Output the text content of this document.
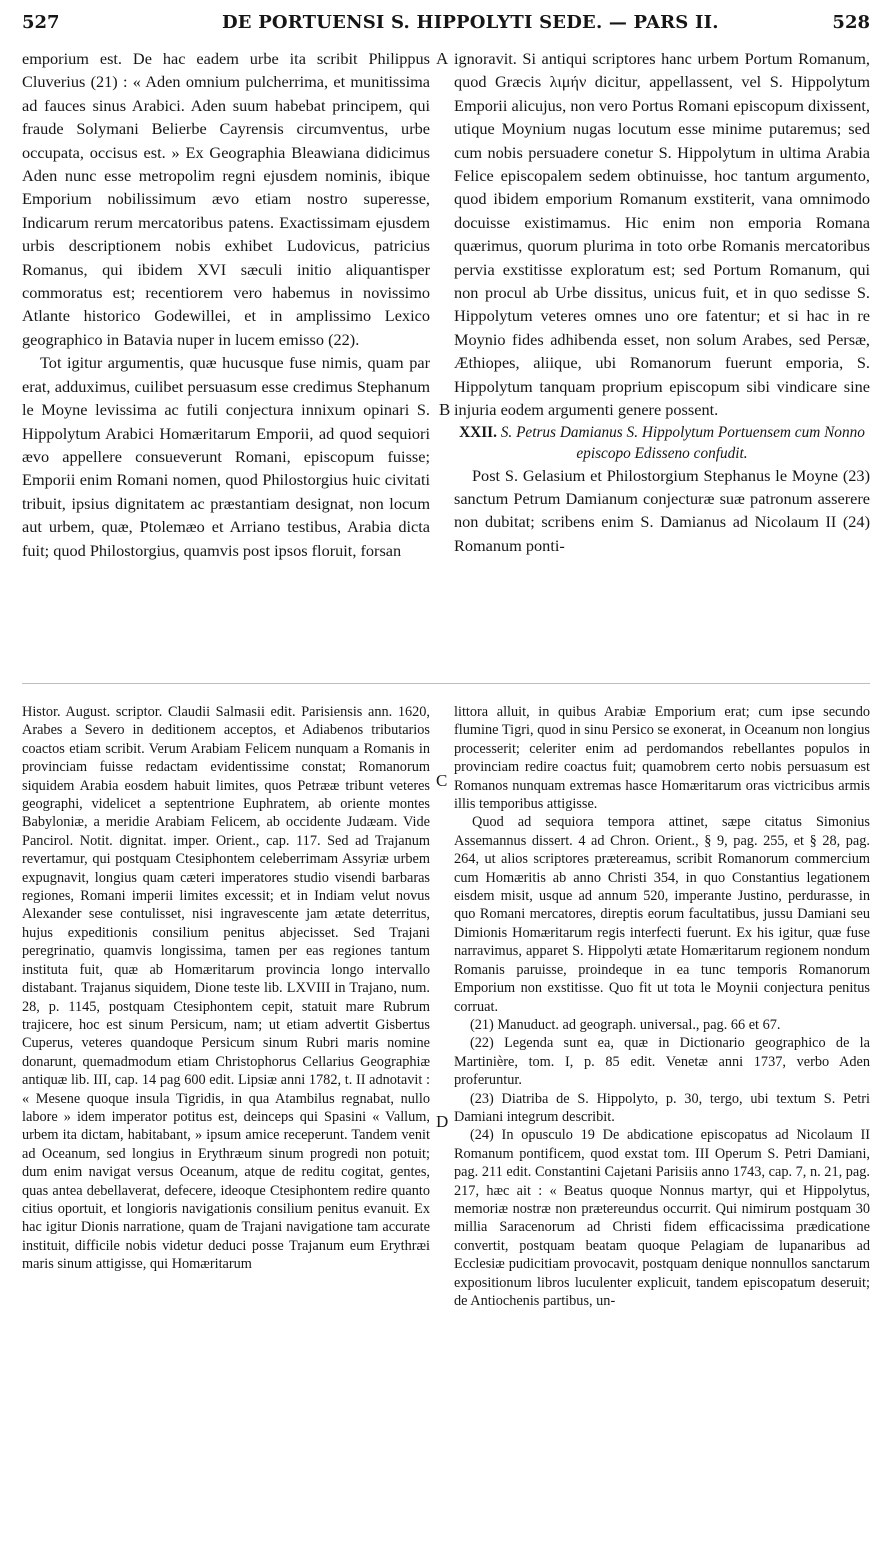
527	DE PORTUENSI S. HIPPOLYTI SEDE. — PARS II.	528
A
B
C
D

emporium est. De hac eadem urbe ita scribit Philippus Cluverius (21) : « Aden omnium pulcherrima, et munitissima ad fauces sinus Arabici. Aden suum habebat principem, qui fraude Solymani Belierbe Cayrensis circumventus, urbe occupata, occisus est. » Ex Geographia Bleawiana didicimus Aden nunc esse metropolim regni ejusdem nominis, ibique Emporium nobilissimum ævo etiam nostro superesse, Indicarum rerum mercatoribus patens. Exactissimam ejusdem urbis descriptionem nobis exhibet Ludovicus, patricius Romanus, qui ibidem XVI sæculi initio aliquantisper commoratus est; recentiorem vero habemus in novissimo Atlante historico Godewillei, et in amplissimo Lexico geographico in Batavia nuper in lucem emisso (22).

Tot igitur argumentis, quæ hucusque fuse nimis, quam par erat, adduximus, cuilibet persuasum esse credimus Stephanum le Moyne levissima ac futili conjectura innixum opinari S. Hippolytum Arabici Homæritarum Emporii, ad quod sequiori ævo appellere consueverunt Romani, episcopum fuisse; Emporii enim Romani nomen, quod Philostorgius huic civitati tribuit, ipsius dignitatem ac præstantiam designat, non locum aut urbem, quæ, Ptolemæo et Arriano testibus, Arabia dicta fuit; quod Philostorgius, quamvis post ipsos floruit, forsan

ignoravit. Si antiqui scriptores hanc urbem Portum Romanum, quod Græcis λιμήν dicitur, appellassent, vel S. Hippolytum Emporii alicujus, non vero Portus Romani episcopum dixissent, utique Moynium nugas locutum esse minime putaremus; sed cum nobis persuadere conetur S. Hippolytum in ultima Arabia Felice episcopalem sedem obtinuisse, hoc tantum argumento, quod ibidem emporium Romanum exstiterit, vana omnimodo docuisse existimamus. Hic enim non emporia Romana quærimus, quorum plurima in toto orbe Romanis mercatoribus pervia exstitisse exploratum est; sed Portum Romanum, qui non procul ab Urbe dissitus, unicus fuit, et in quo sedisse S. Hippolytum veteres omnes uno ore fatentur; et si hac in re Moynio fides adhibenda esset, non solum Arabes, sed Persæ, Æthiopes, aliique, ubi Romanorum fuerunt emporia, S. Hippolytum tanquam proprium episcopum sibi vindicare sine injuria eodem argumenti genere possent.

XXII. S. Petrus Damianus S. Hippolytum Portuensem cum Nonno episcopo Edisseno confudit.

Post S. Gelasium et Philostorgium Stephanus le Moyne (23) sanctum Petrum Damianum conjecturæ suæ patronum asserere non dubitat; scribens enim S. Damianus ad Nicolaum II (24) Romanum ponti-

Histor. August. scriptor. Claudii Salmasii edit. Parisiensis ann. 1620, Arabes a Severo in deditionem acceptos, et Adiabenos tributarios coactos etiam scribit. Verum Arabiam Felicem nunquam a Romanis in provinciam fuisse redactam evidentissime constat; Romanorum siquidem Arabia eosdem habuit limites, quos Petrææ tribunt veteres geographi, videlicet a septentrione Euphratem, ab oriente montes Babyloniæ, a meridie Arabiam Felicem, ab occidente Judæam. Vide Pancirol. Notit. dignitat. imper. Orient., cap. 117. Sed ad Trajanum revertamur, qui postquam Ctesiphontem celeberrimam Assyriæ urbem expugnavit, longius quam cæteri imperatores studio visendi barbaras regiones, Romani imperii limites excessit; et in Indiam velut novus Alexander sese contulisset, nisi ingravescente jam ætate deterritus, hujus expeditionis consilium penitus abjecisset. Sed Trajani peregrinatio, quamvis longissima, tamen per eas regiones tantum instituta fuit, quæ ab Homæritarum provincia longo intervallo distabant. Trajanus siquidem, Dione teste lib. LXVIII in Trajano, num. 28, p. 1145, postquam Ctesiphontem cepit, statuit mare Rubrum trajicere, hoc est sinum Persicum, nam; ut etiam advertit Gisbertus Cuperus, veteres quandoque Persicum sinum Rubri maris nomine donarunt, quemadmodum etiam Christophorus Cellarius Geographiæ antiquæ lib. III, cap. 14 pag 600 edit. Lipsiæ anni 1782, t. II adnotavit : « Mesene quoque insula Tigridis, in qua Atambilus regnabat, nullo labore » idem imperator potitus est, deinceps qui Spasini « Vallum, urbem ita dictam, habitabant, » ipsum amice receperunt. Tandem venit ad Oceanum, sed longius in Erythræum sinum progredi non potuit; dum enim navigat versus Oceanum, atque de reditu cogitat, gentes, quas antea debellaverat, defecere, ideoque Ctesiphontem redire quanto citius oportuit, et longioris navigationis consilium penitus evanuit. Ex hac igitur Dionis narratione, quam de Trajani navigatione tam accurate instituit, difficile nobis videtur deduci posse Trajanum eum Erythræi maris sinum attigisse, qui Homæritarum

littora alluit, in quibus Arabiæ Emporium erat; cum ipse secundo flumine Tigri, quod in sinu Persico se exonerat, in Oceanum non longius processerit; celeriter enim ad perdomandos rebellantes populos in provinciam redire coactus fuit; quamobrem certo nobis persuasum est Romanos nunquam extremas hasce Homæritarum oras victricibus armis illis temporibus attigisse.

Quod ad sequiora tempora attinet, sæpe citatus Simonius Assemannus dissert. 4 ad Chron. Orient., § 9, pag. 255, et § 28, pag. 264, ut alios scriptores prætereamus, scribit Romanorum commercium cum Homæritis ab anno Christi 354, in quo Constantius legationem eisdem misit, usque ad annum 520, imperante Justino, perdurasse, in quo Romani mercatores, direptis eorum facultatibus, jussu Damiani seu Dimionis Homæritarum regis interfecti fuerunt. Ex his igitur, quæ fuse narravimus, apparet S. Hippolyti ætate Homæritarum regionem nondum Romanis paruisse, proindeque in ea tunc temporis Romanorum Emporium non exstitisse. Quo fit ut tota le Moynii conjectura penitus corruat.

(21) Manuduct. ad geograph. universal., pag. 66 et 67.

(22) Legenda sunt ea, quæ in Dictionario geographico de la Martinière, tom. I, p. 85 edit. Venetæ anni 1737, verbo Aden proferuntur.

(23) Diatriba de S. Hippolyto, p. 30, tergo, ubi textum S. Petri Damiani integrum describit.

(24) In opusculo 19 De abdicatione episcopatus ad Nicolaum II Romanum pontificem, quod exstat tom. III Operum S. Petri Damiani, pag. 211 edit. Constantini Cajetani Parisiis anno 1743, cap. 7, n. 21, pag. 217, hæc ait : « Beatus quoque Nonnus martyr, qui et Hippolytus, memoriæ nostræ non prætereundus occurrit. Qui nimirum postquam 30 millia Saracenorum ad Christi fidem efficacissima prædicatione convertit, postquam beatam quoque Pelagiam de lupanaribus ad Ecclesiæ pudicitiam provocavit, postquam denique nonnullos sanctarum expositionum libros luculenter explicuit, tandem episcopatum deseruit; de Antiochenis partibus, un-
